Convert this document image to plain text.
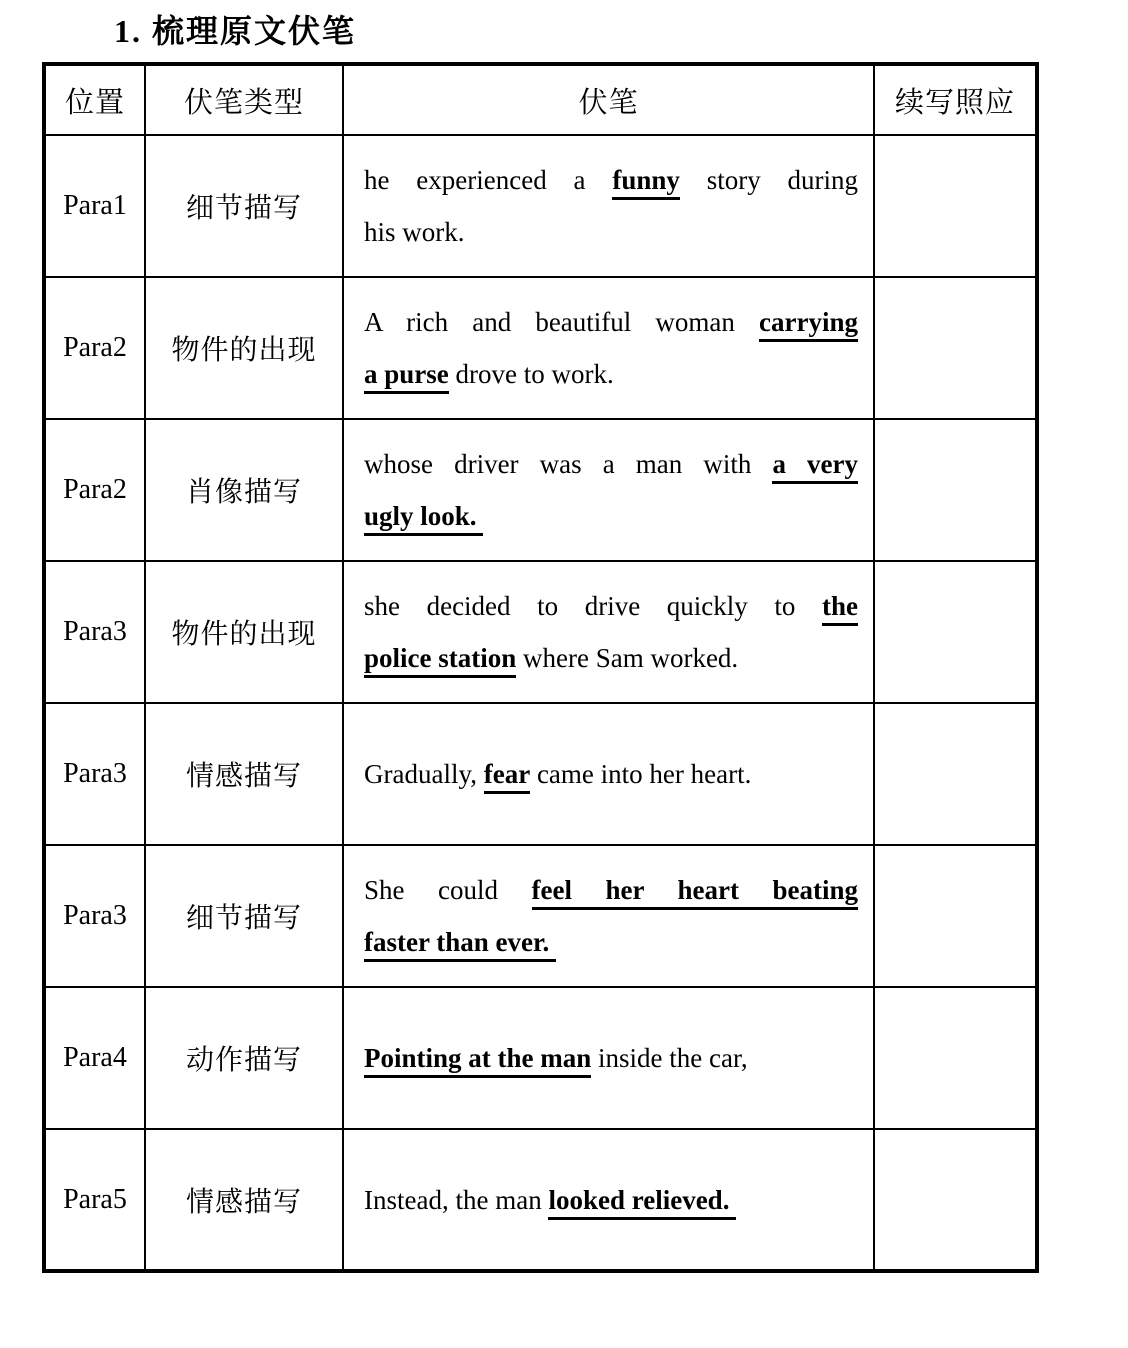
1. 梳理原文伏笔
位置	伏笔类型	伏笔	续写照应
Para1	细节描写	he experienced a funny story during
his work.	

Para2	物件的出现	A rich and beautiful woman carrying
a purse drove to work.	

Para2	肖像描写	whose driver was a man with a very
ugly look.	

Para3	物件的出现	she decided to drive quickly to the
police station where Sam worked.	

Para3	情感描写	Gradually, fear came into her heart.	

Para3	细节描写	She could feel her heart beating
faster than ever.	

Para4	动作描写	Pointing at the man inside the car,	

Para5	情感描写	Instead, the man looked relieved.	
